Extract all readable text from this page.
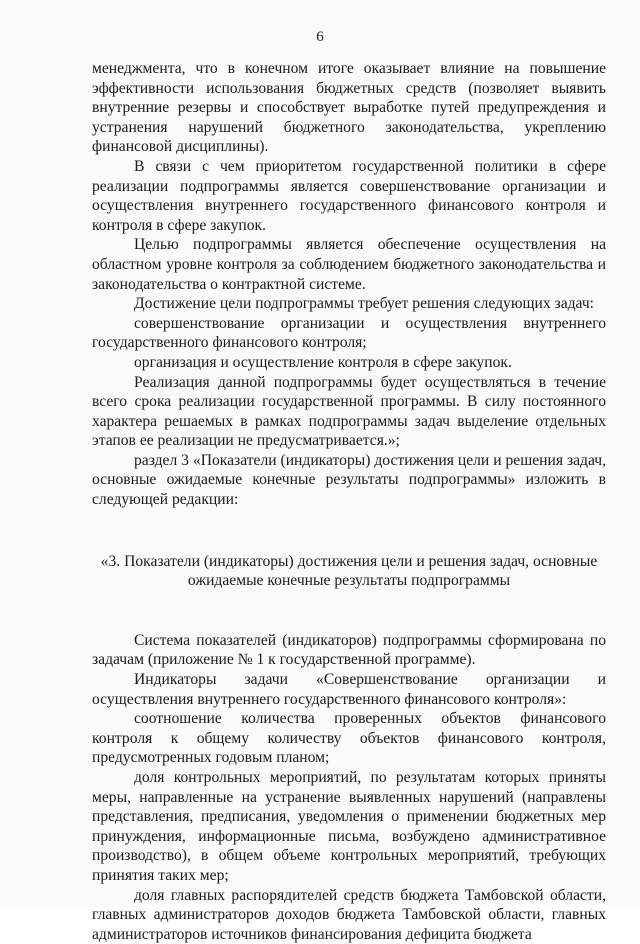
6

менеджмента, что в конечном итоге оказывает влияние на повышение эффективности использования бюджетных средств (позволяет выявить внутренние резервы и способствует выработке путей предупреждения и устранения нарушений бюджетного законодательства, укреплению финансовой дисциплины).

В связи с чем приоритетом государственной политики в сфере реализации подпрограммы является совершенствование организации и осуществления внутреннего государственного финансового контроля и контроля в сфере закупок.

Целью подпрограммы является обеспечение осуществления на областном уровне контроля за соблюдением бюджетного законодательства и законодательства о контрактной системе.

Достижение цели подпрограммы требует решения следующих задач:

совершенствование организации и осуществления внутреннего государственного финансового контроля;

организация и осуществление контроля в сфере закупок.

Реализация данной подпрограммы будет осуществляться в течение всего срока реализации государственной программы. В силу постоянного характера решаемых в рамках подпрограммы задач выделение отдельных этапов ее реализации не предусматривается.»;

раздел 3 «Показатели (индикаторы) достижения цели и решения задач, основные ожидаемые конечные результаты подпрограммы» изложить в следующей редакции:

«3. Показатели (индикаторы) достижения цели и решения задач, основные ожидаемые конечные результаты подпрограммы

Система показателей (индикаторов) подпрограммы сформирована по задачам (приложение № 1 к государственной программе).

Индикаторы задачи «Совершенствование организации и осуществления внутреннего государственного финансового контроля»:

соотношение количества проверенных объектов финансового контроля к общему количеству объектов финансового контроля, предусмотренных годовым планом;

доля контрольных мероприятий, по результатам которых приняты меры, направленные на устранение выявленных нарушений (направлены представления, предписания, уведомления о применении бюджетных мер принуждения, информационные письма, возбуждено административное производство), в общем объеме контрольных мероприятий, требующих принятия таких мер;

доля главных распорядителей средств бюджета Тамбовской области, главных администраторов доходов бюджета Тамбовской области, главных администраторов источников финансирования дефицита бюджета
